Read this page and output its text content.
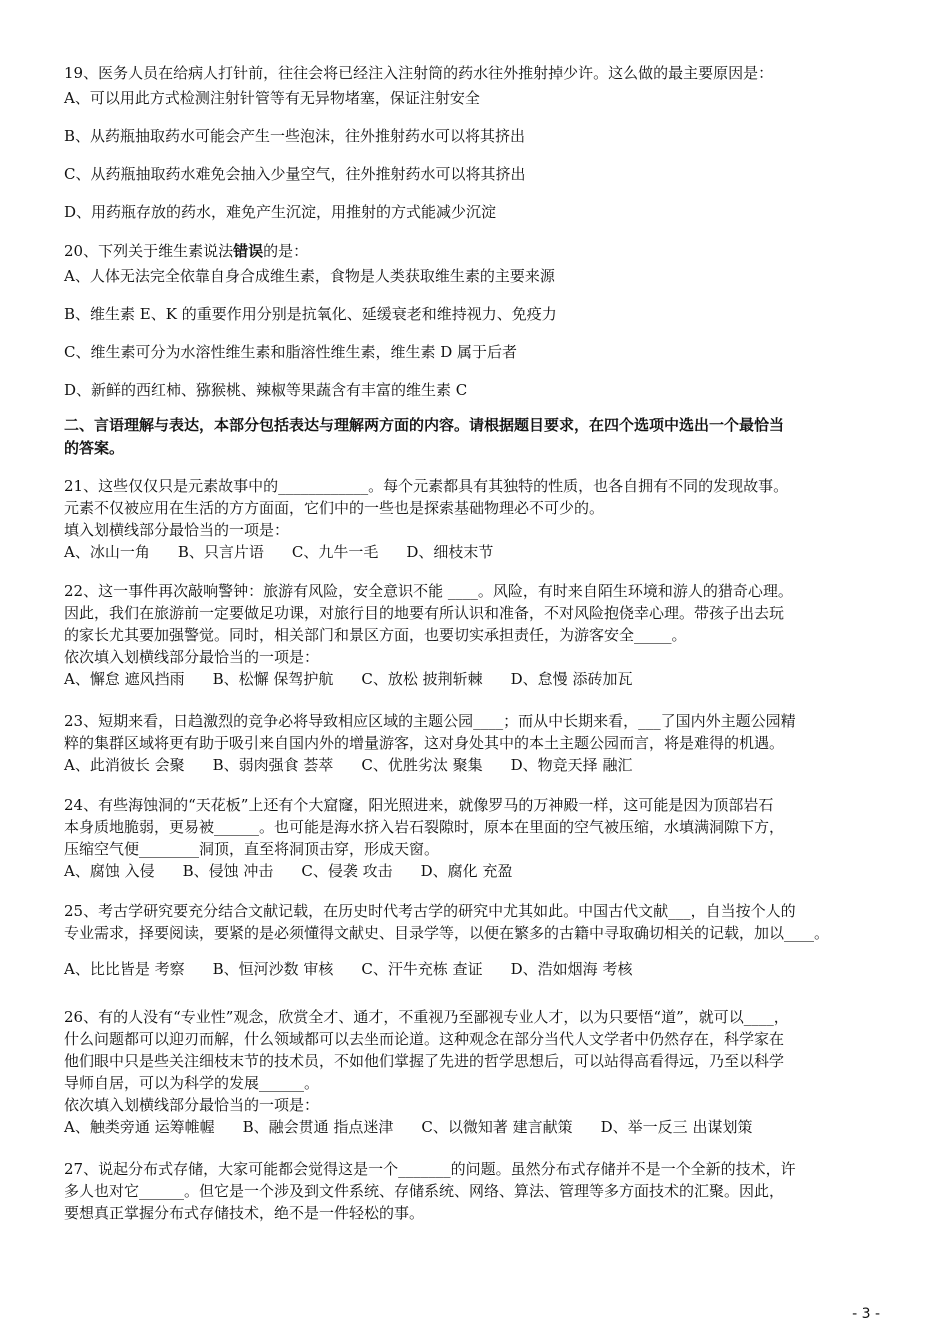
19、医务人员在给病人打针前，往往会将已经注入注射筒的药水往外推射掉少许。这么做的最主要原因是：
A、可以用此方式检测注射针管等有无异物堵塞，保证注射安全
B、从药瓶抽取药水可能会产生一些泡沫，往外推射药水可以将其挤出
C、从药瓶抽取药水难免会抽入少量空气，往外推射药水可以将其挤出
D、用药瓶存放的药水，难免产生沉淀，用推射的方式能减少沉淀
20、下列关于维生素说法错误的是：
A、人体无法完全依靠自身合成维生素，食物是人类获取维生素的主要来源
B、维生素 E、K 的重要作用分别是抗氧化、延缓衰老和维持视力、免疫力
C、维生素可分为水溶性维生素和脂溶性维生素，维生素 D 属于后者
D、新鲜的西红柿、猕猴桃、辣椒等果蔬含有丰富的维生素 C
二、言语理解与表达，本部分包括表达与理解两方面的内容。请根据题目要求，在四个选项中选出一个最恰当
的答案。
21、这些仅仅只是元素故事中的____________。每个元素都具有其独特的性质，也各自拥有不同的发现故事。
元素不仅被应用在生活的方方面面，它们中的一些也是探索基础物理必不可少的。
填入划横线部分最恰当的一项是：
A、冰山一角 B、只言片语 C、九牛一毛 D、细枝末节
22、这一事件再次敲响警钟：旅游有风险，安全意识不能 ____。风险，有时来自陌生环境和游人的猎奇心理。
因此，我们在旅游前一定要做足功课，对旅行目的地要有所认识和准备，不对风险抱侥幸心理。带孩子出去玩
的家长尤其要加强警觉。同时，相关部门和景区方面，也要切实承担责任，为游客安全_____。
依次填入划横线部分最恰当的一项是：
A、懈怠 遮风挡雨 B、松懈 保驾护航 C、放松 披荆斩棘 D、怠慢 添砖加瓦
23、短期来看，日趋激烈的竞争必将导致相应区域的主题公园____；而从中长期来看，___了国内外主题公园精
粹的集群区域将更有助于吸引来自国内外的增量游客，这对身处其中的本土主题公园而言，将是难得的机遇。
A、此消彼长 会聚 B、弱肉强食 荟萃 C、优胜劣汰 聚集 D、物竞天择 融汇
24、有些海蚀洞的“天花板”上还有个大窟窿，阳光照进来，就像罗马的万神殿一样，这可能是因为顶部岩石
本身质地脆弱，更易被______。也可能是海水挤入岩石裂隙时，原本在里面的空气被压缩，水填满洞隙下方，
压缩空气便________洞顶，直至将洞顶击穿，形成天窗。
A、腐蚀 入侵 B、侵蚀 冲击 C、侵袭 攻击 D、腐化 充盈
25、考古学研究要充分结合文献记载，在历史时代考古学的研究中尤其如此。中国古代文献___，自当按个人的
专业需求，择要阅读，要紧的是必须懂得文献史、目录学等，以便在繁多的古籍中寻取确切相关的记载，加以____。
A、比比皆是 考察 B、恒河沙数 审核 C、汗牛充栋 查证 D、浩如烟海 考核
26、有的人没有“专业性”观念，欣赏全才、通才，不重视乃至鄙视专业人才，以为只要悟“道”，就可以____，
什么问题都可以迎刃而解，什么领域都可以去坐而论道。这种观念在部分当代人文学者中仍然存在，科学家在
他们眼中只是些关注细枝末节的技术员，不如他们掌握了先进的哲学思想后，可以站得高看得远，乃至以科学
导师自居，可以为科学的发展______。
依次填入划横线部分最恰当的一项是：
A、触类旁通 运筹帷幄 B、融会贯通 指点迷津 C、以微知著 建言献策 D、举一反三 出谋划策
27、说起分布式存储，大家可能都会觉得这是一个_______的问题。虽然分布式存储并不是一个全新的技术，许
多人也对它______。但它是一个涉及到文件系统、存储系统、网络、算法、管理等多方面技术的汇聚。因此，
要想真正掌握分布式存储技术，绝不是一件轻松的事。
- 3 -
